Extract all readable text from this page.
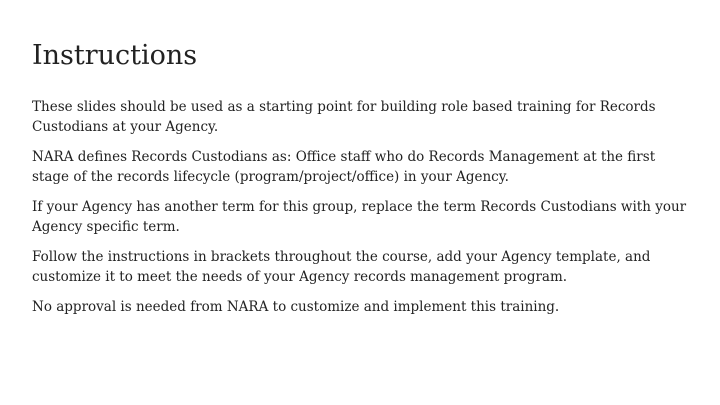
Instructions

These slides should be used as a starting point for building role based training for Records Custodians at your Agency.

NARA defines Records Custodians as: Office staff who do Records Management at the first stage of the records lifecycle (program/project/office) in your Agency.

If your Agency has another term for this group, replace the term Records Custodians with your Agency specific term.

Follow the instructions in brackets throughout the course, add your Agency template, and customize it to meet the needs of your Agency records management program.

No approval is needed from NARA to customize and implement this training.
